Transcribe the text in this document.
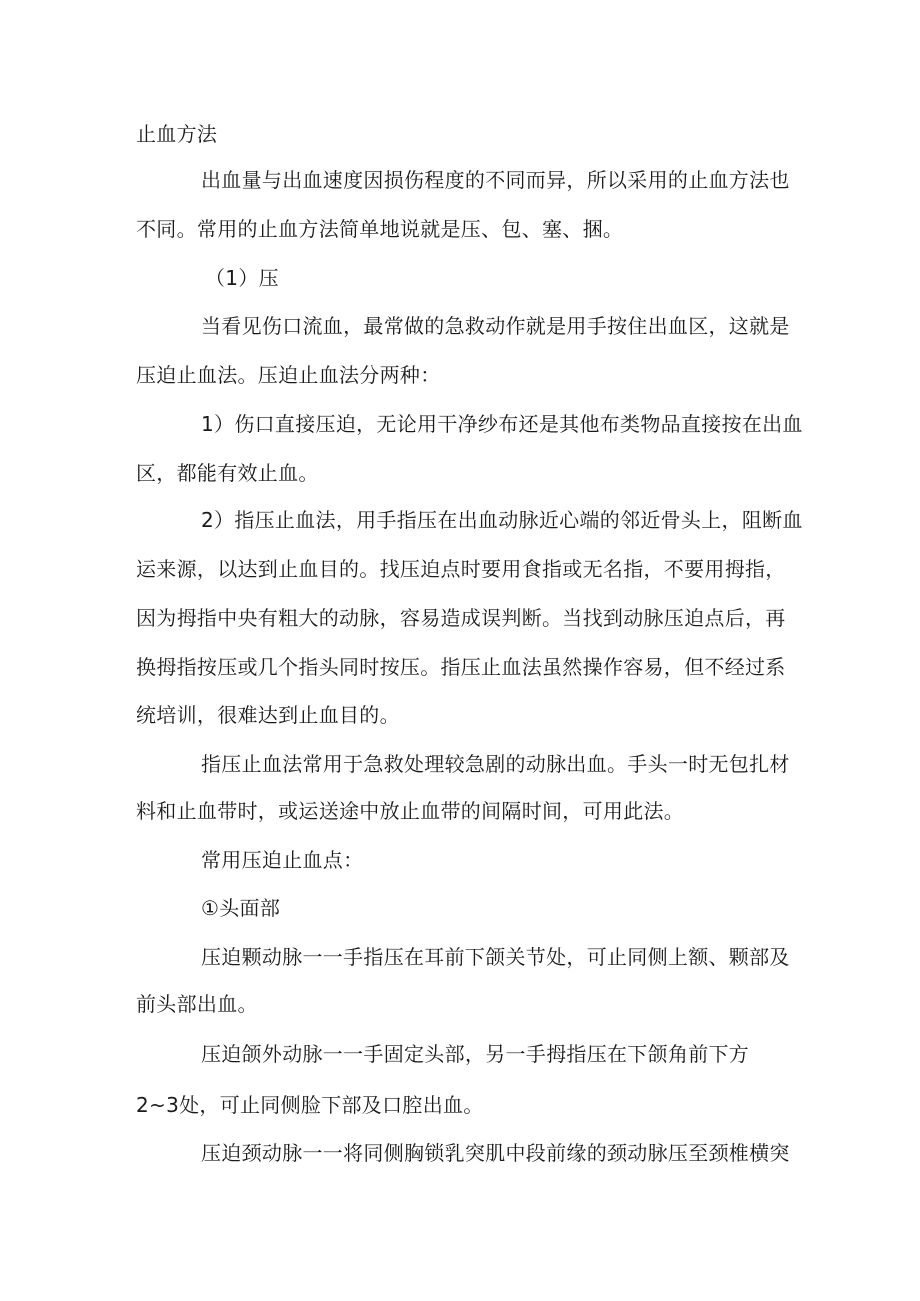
止血方法
出血量与出血速度因损伤程度的不同而异，所以采用的止血方法也
不同。常用的止血方法简单地说就是压、包、塞、捆。
（1）压
当看见伤口流血，最常做的急救动作就是用手按住出血区，这就是
压迫止血法。压迫止血法分两种：
1）伤口直接压迫，无论用干净纱布还是其他布类物品直接按在出血
区，都能有效止血。
2）指压止血法，用手指压在出血动脉近心端的邻近骨头上，阻断血
运来源，以达到止血目的。找压迫点时要用食指或无名指，不要用拇指，
因为拇指中央有粗大的动脉，容易造成误判断。当找到动脉压迫点后，再
换拇指按压或几个指头同时按压。指压止血法虽然操作容易，但不经过系
统培训，很难达到止血目的。
指压止血法常用于急救处理较急剧的动脉出血。手头一时无包扎材
料和止血带时，或运送途中放止血带的间隔时间，可用此法。
常用压迫止血点：
①头面部
压迫颗动脉一一手指压在耳前下颌关节处，可止同侧上额、颗部及
前头部出血。
压迫颌外动脉一一手固定头部，另一手拇指压在下颌角前下方
2~3处，可止同侧脸下部及口腔出血。
压迫颈动脉一一将同侧胸锁乳突肌中段前缘的颈动脉压至颈椎横突
